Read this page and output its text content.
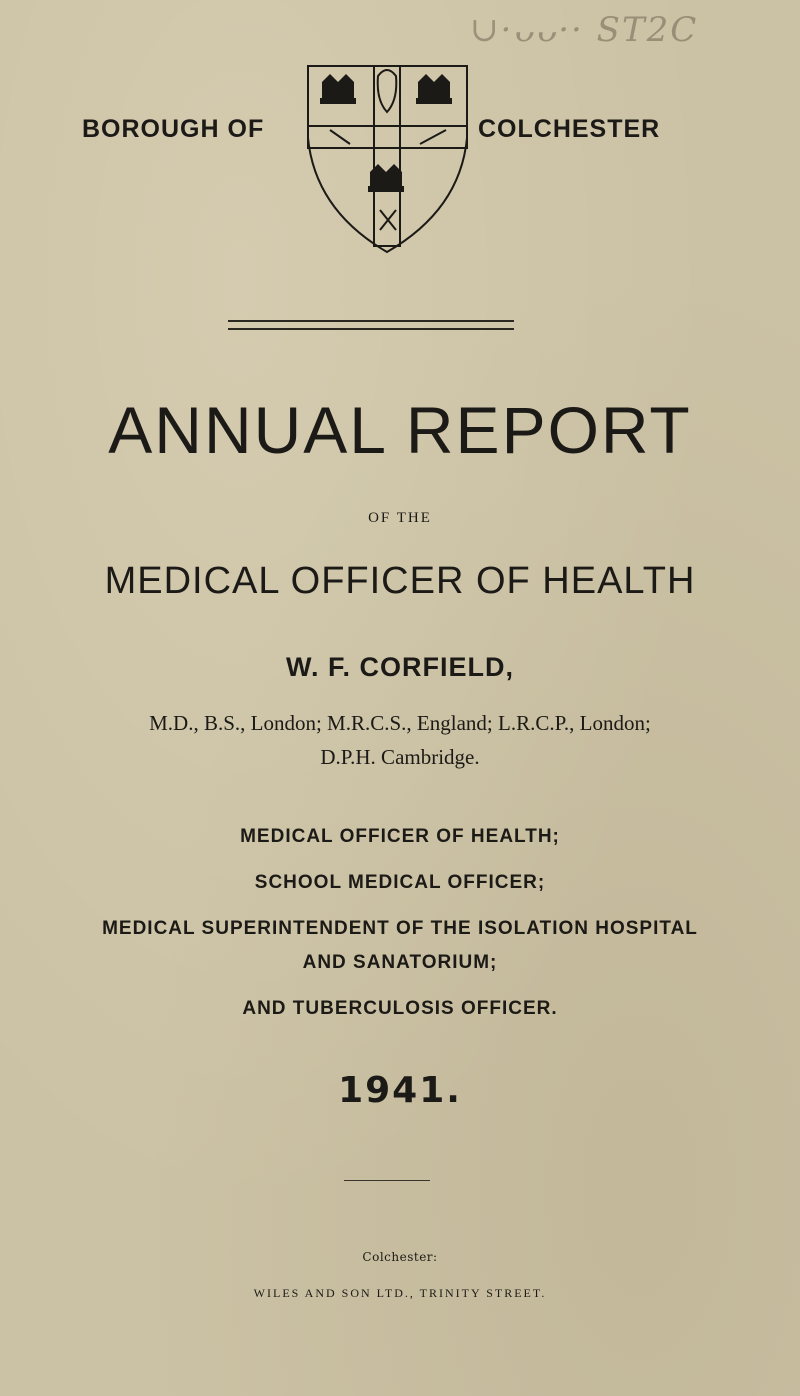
∪·ᴗᴗ·· ST2C
BOROUGH OF	COLCHESTER
ANNUAL REPORT
OF THE
MEDICAL OFFICER OF HEALTH
W. F. CORFIELD,
M.D., B.S., London; M.R.C.S., England; L.R.C.P., London;
D.P.H. Cambridge.
MEDICAL OFFICER OF HEALTH;
SCHOOL MEDICAL OFFICER;
MEDICAL SUPERINTENDENT OF THE ISOLATION HOSPITAL
AND SANATORIUM;
AND TUBERCULOSIS OFFICER.
1941.
Colchester:
WILES AND SON LTD., TRINITY STREET.
